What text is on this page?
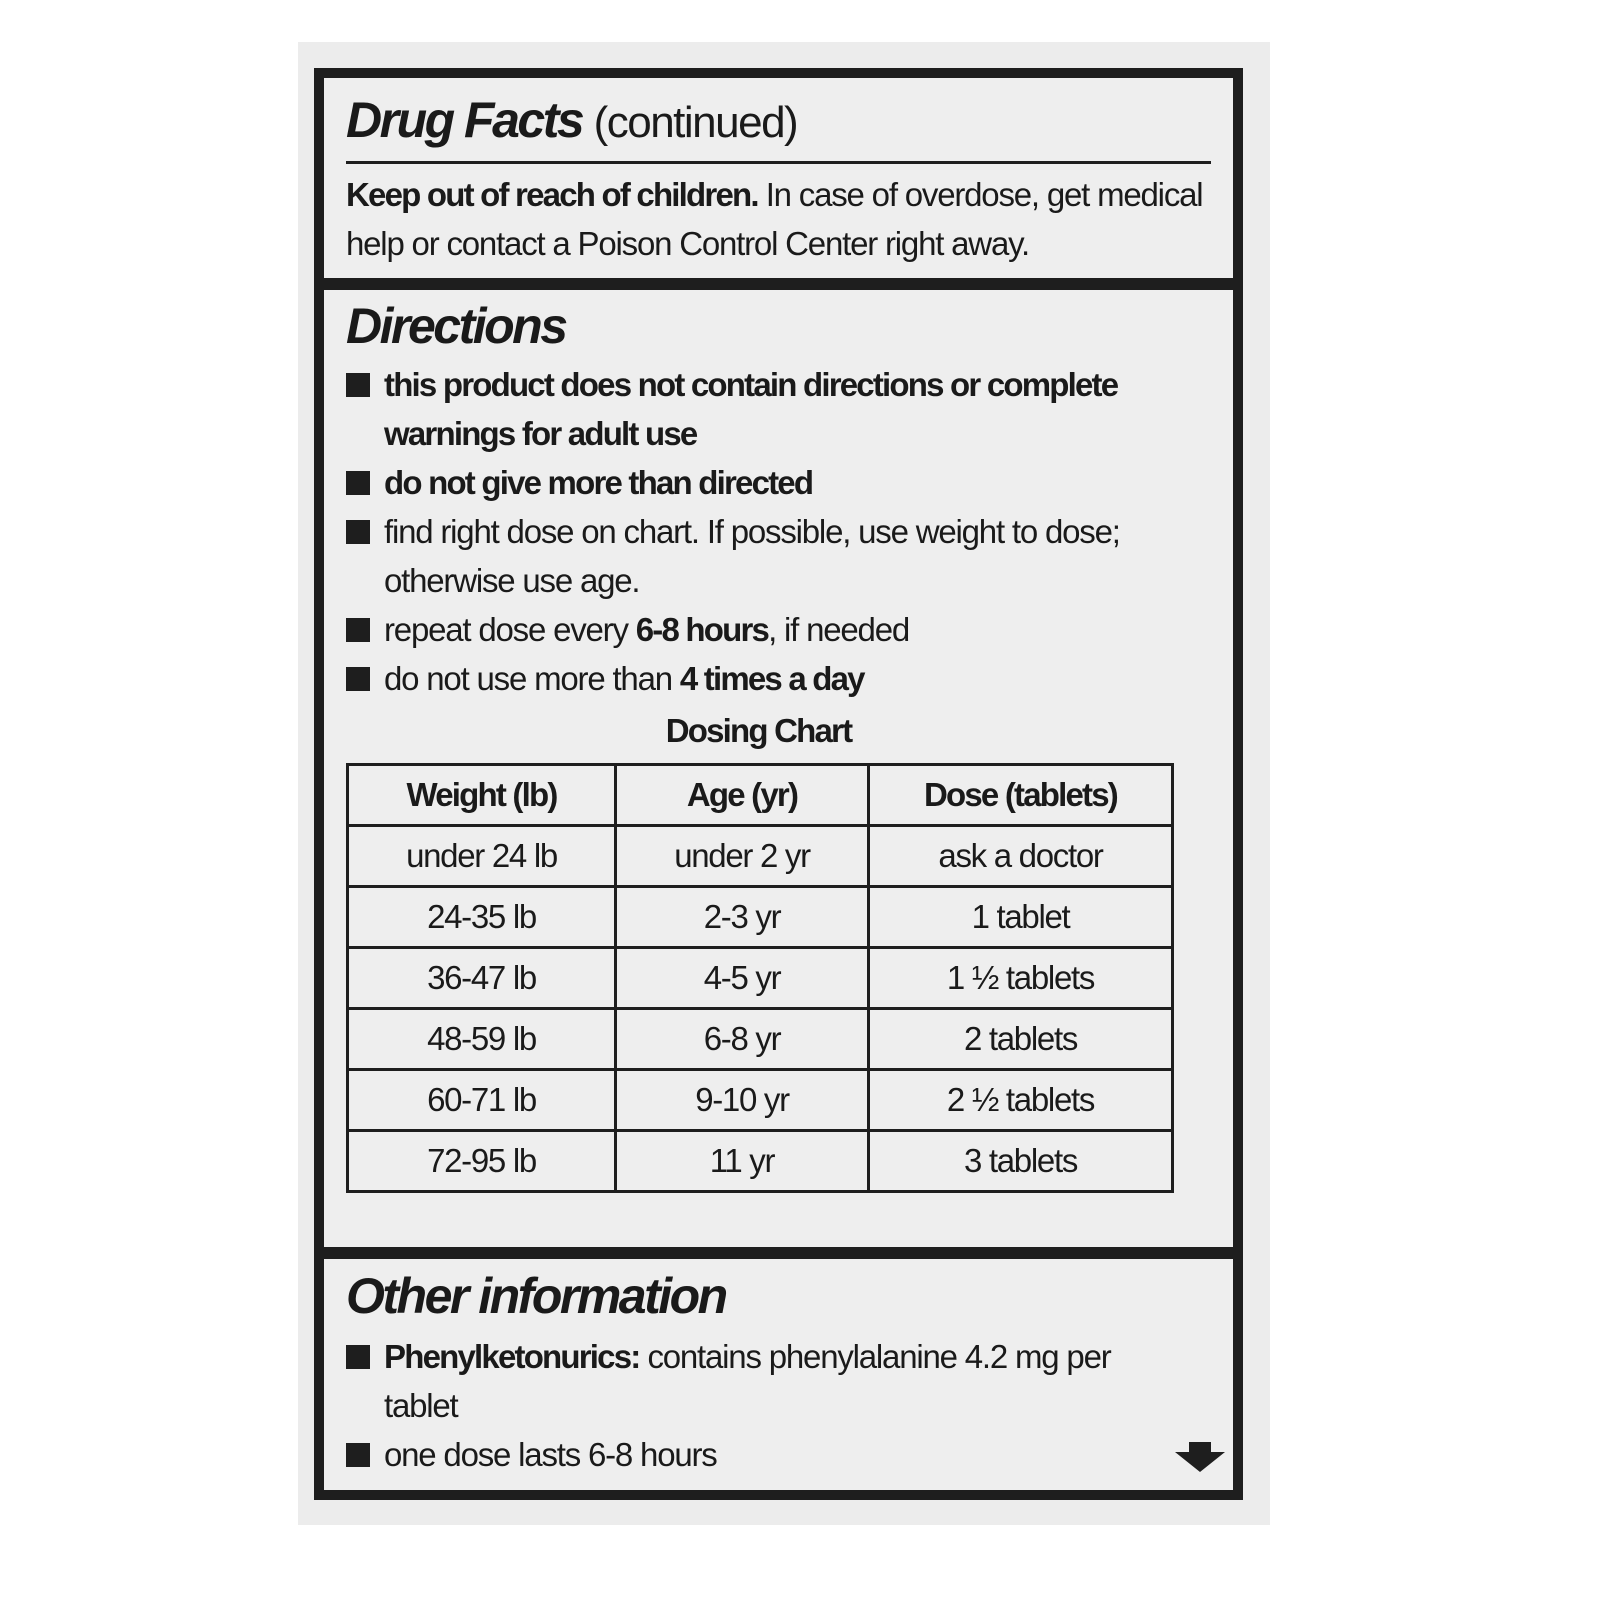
Drug Facts (continued)
Keep out of reach of children. In case of overdose, get medical help or contact a Poison Control Center right away.
Directions
this product does not contain directions or complete warnings for adult use
do not give more than directed
find right dose on chart. If possible, use weight to dose; otherwise use age.
repeat dose every 6-8 hours, if needed
do not use more than 4 times a day
Dosing Chart
Weight (lb)	Age (yr)	Dose (tablets)
under 24 lb	under 2 yr	ask a doctor
24-35 lb	2-3 yr	1 tablet
36-47 lb	4-5 yr	1 ½ tablets
48-59 lb	6-8 yr	2 tablets
60-71 lb	9-10 yr	2 ½ tablets
72-95 lb	11 yr	3 tablets
Other information
Phenylketonurics: contains phenylalanine 4.2 mg per tablet
one dose lasts 6-8 hours
